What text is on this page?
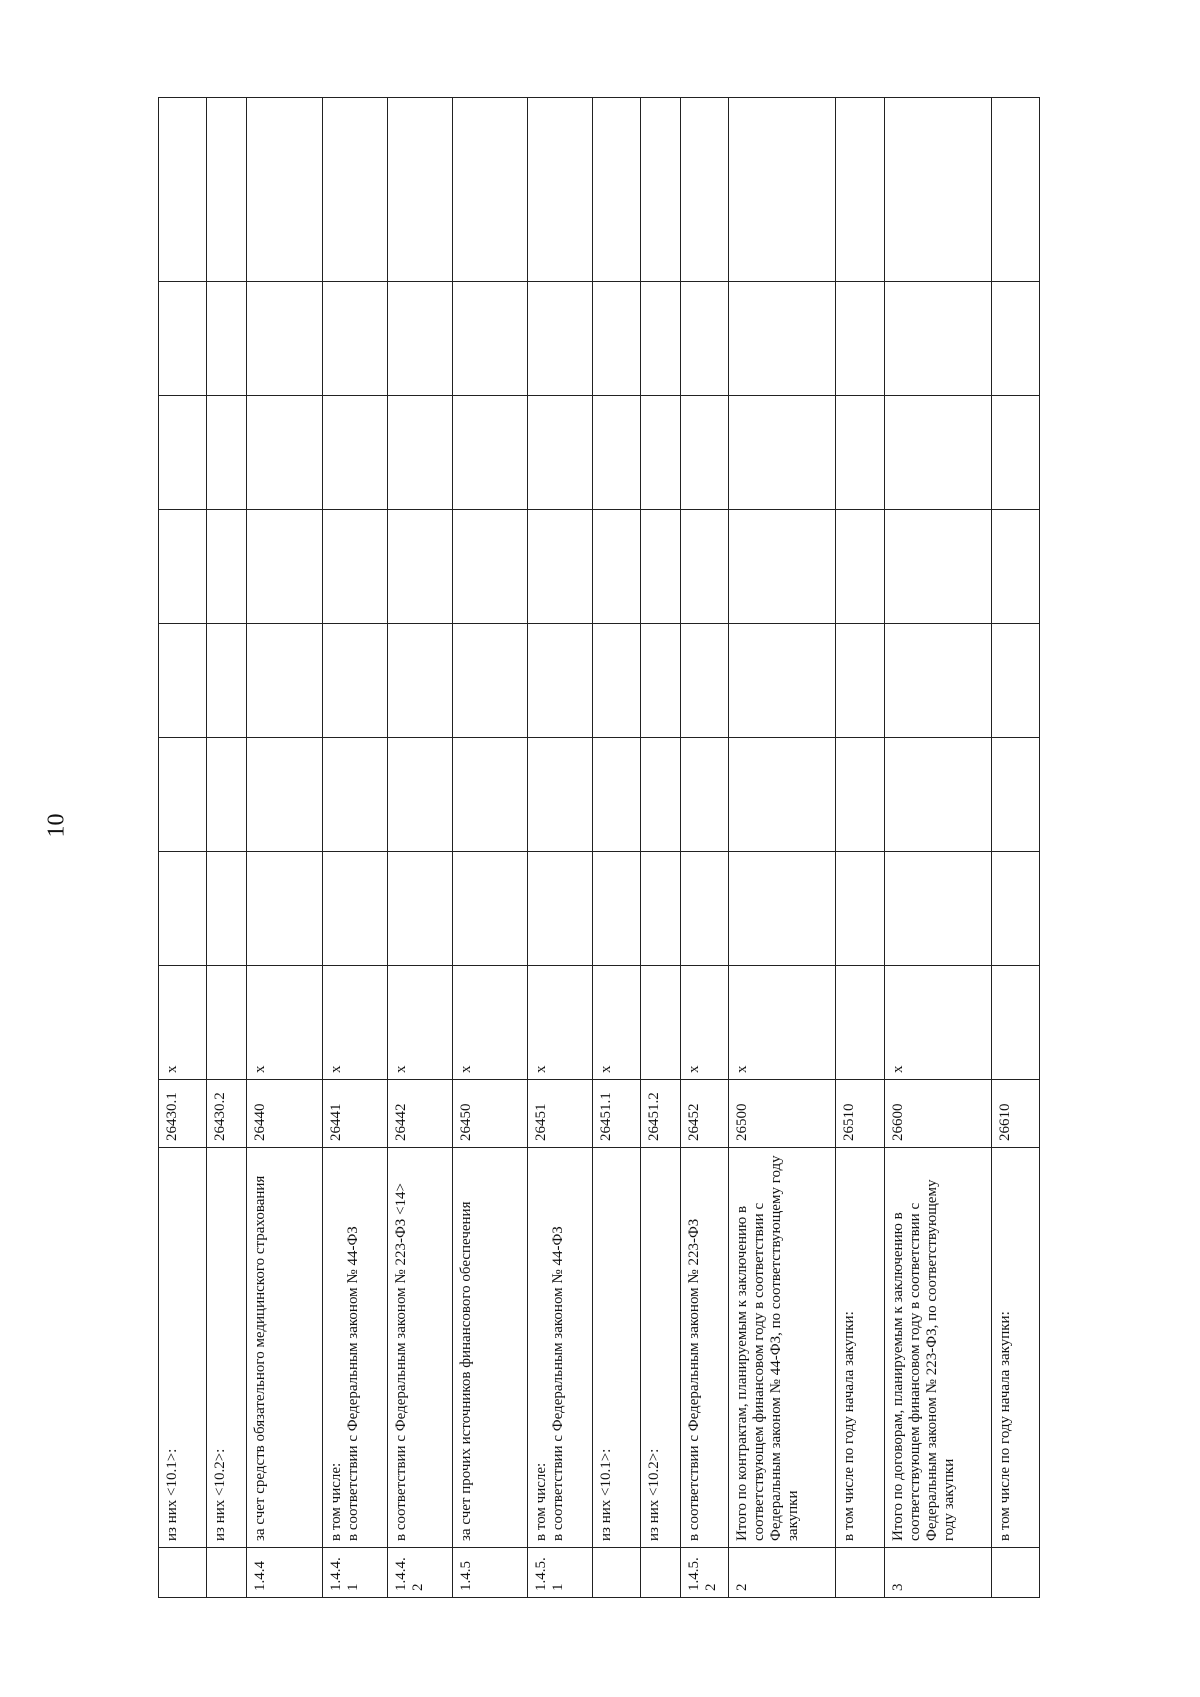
10

	из них <10.1>:	26430.1	х							

	из них <10.2>:	26430.2								
1.4.4	за счет средств обязательного медицинского страхования	26440	х							
1.4.4.1	в том числе: в соответствии с Федеральным законом № 44-ФЗ	26441	х							
1.4.4.2	в соответствии с Федеральным законом № 223-ФЗ <14>	26442	х							
1.4.5	за счет прочих источников финансового обеспечения	26450	х							
1.4.5.1	в том числе: в соответствии с Федеральным законом № 44-ФЗ	26451	х							

	из них <10.1>:	26451.1	х							

	из них <10.2>:	26451.2								
1.4.5.2	в соответствии с Федеральным законом № 223-ФЗ	26452	х							
2	Итого по контрактам, планируемым к заключению в соответствующем финансовом году в соответствии с Федеральным законом № 44-ФЗ, по соответствующему году закупки	26500	х							

	в том числе по году начала закупки:	26510								
3	Итого по договорам, планируемым к заключению в соответствующем финансовом году в соответствии с Федеральным законом № 223-ФЗ, по соответствующему году закупки	26600	х							

	в том числе по году начала закупки:	26610								
